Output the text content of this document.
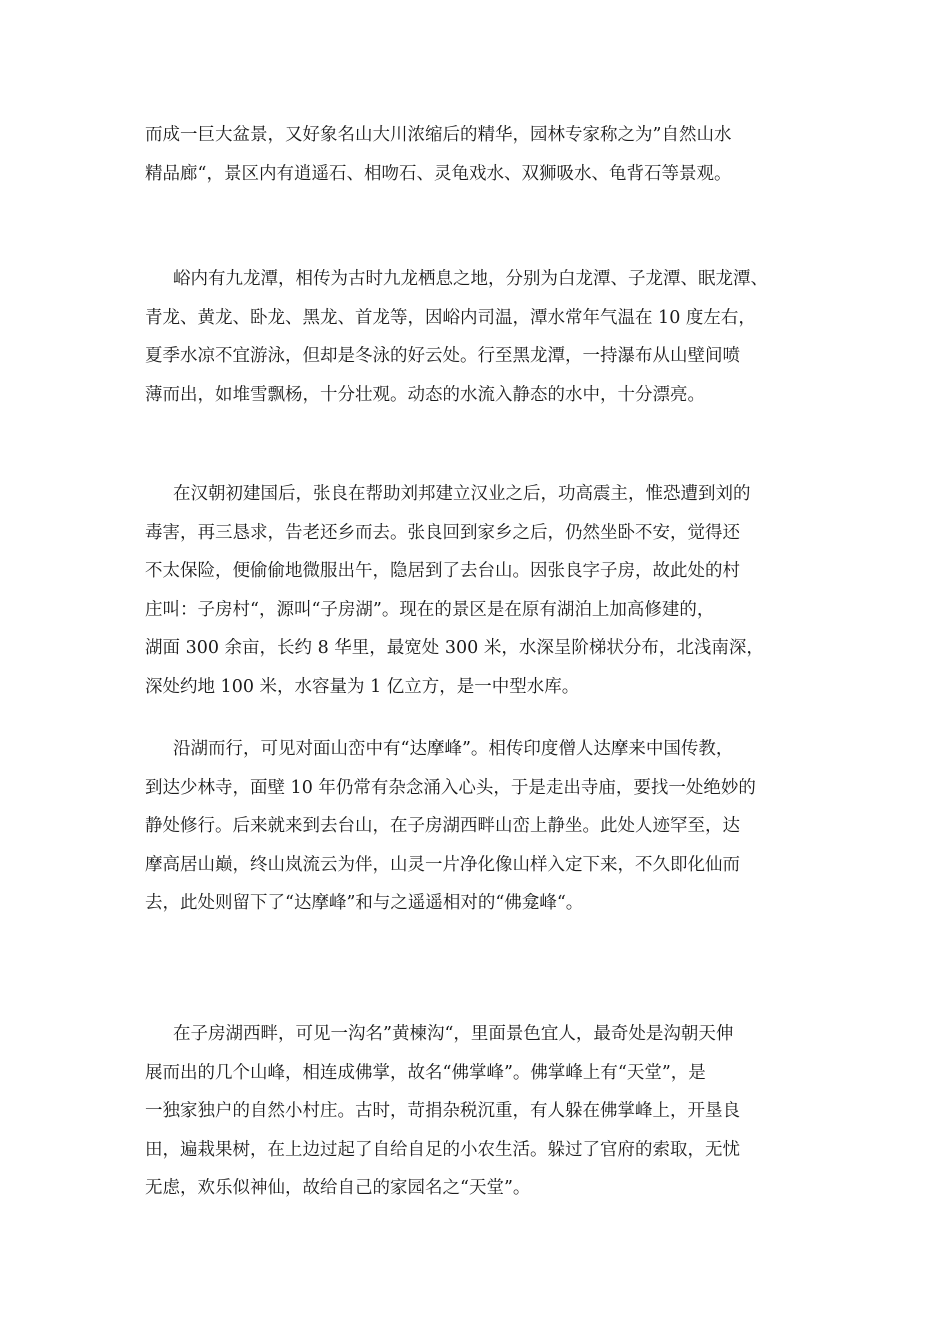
而成一巨大盆景，又好象名山大川浓缩后的精华，园林专家称之为”自然山水
精品廊“，景区内有逍遥石、相吻石、灵龟戏水、双狮吸水、龟背石等景观。
峪内有九龙潭，相传为古时九龙栖息之地，分别为白龙潭、子龙潭、眠龙潭、
青龙、黄龙、卧龙、黑龙、首龙等，因峪内司温，潭水常年气温在 10 度左右，
夏季水凉不宜游泳，但却是冬泳的好云处。行至黑龙潭，一持瀑布从山壁间喷
薄而出，如堆雪飘杨，十分壮观。动态的水流入静态的水中，十分漂亮。
在汉朝初建国后，张良在帮助刘邦建立汉业之后，功高震主，惟恐遭到刘的
毒害，再三恳求，告老还乡而去。张良回到家乡之后，仍然坐卧不安，觉得还
不太保险，便偷偷地微服出午，隐居到了去台山。因张良字子房，故此处的村
庄叫：子房村“，源叫“子房湖”。现在的景区是在原有湖泊上加高修建的，
湖面 300 余亩，长约 8 华里，最宽处 300 米，水深呈阶梯状分布，北浅南深，
深处约地 100 米，水容量为 1 亿立方，是一中型水库。
沿湖而行，可见对面山峦中有“达摩峰”。相传印度僧人达摩来中国传教，
到达少林寺，面壁 10 年仍常有杂念涌入心头，于是走出寺庙，要找一处绝妙的
静处修行。后来就来到去台山，在子房湖西畔山峦上静坐。此处人迹罕至，达
摩高居山巅，终山岚流云为伴，山灵一片净化像山样入定下来，不久即化仙而
去，此处则留下了“达摩峰”和与之遥遥相对的“佛龛峰“。
在子房湖西畔，可见一沟名”黄楝沟“，里面景色宜人，最奇处是沟朝天伸
展而出的几个山峰，相连成佛掌，故名“佛掌峰”。佛掌峰上有“天堂”，是
一独家独户的自然小村庄。古时，苛捐杂税沉重，有人躲在佛掌峰上，开垦良
田，遍栽果树，在上边过起了自给自足的小农生活。躲过了官府的索取，无忧
无虑，欢乐似神仙，故给自己的家园名之“天堂”。
